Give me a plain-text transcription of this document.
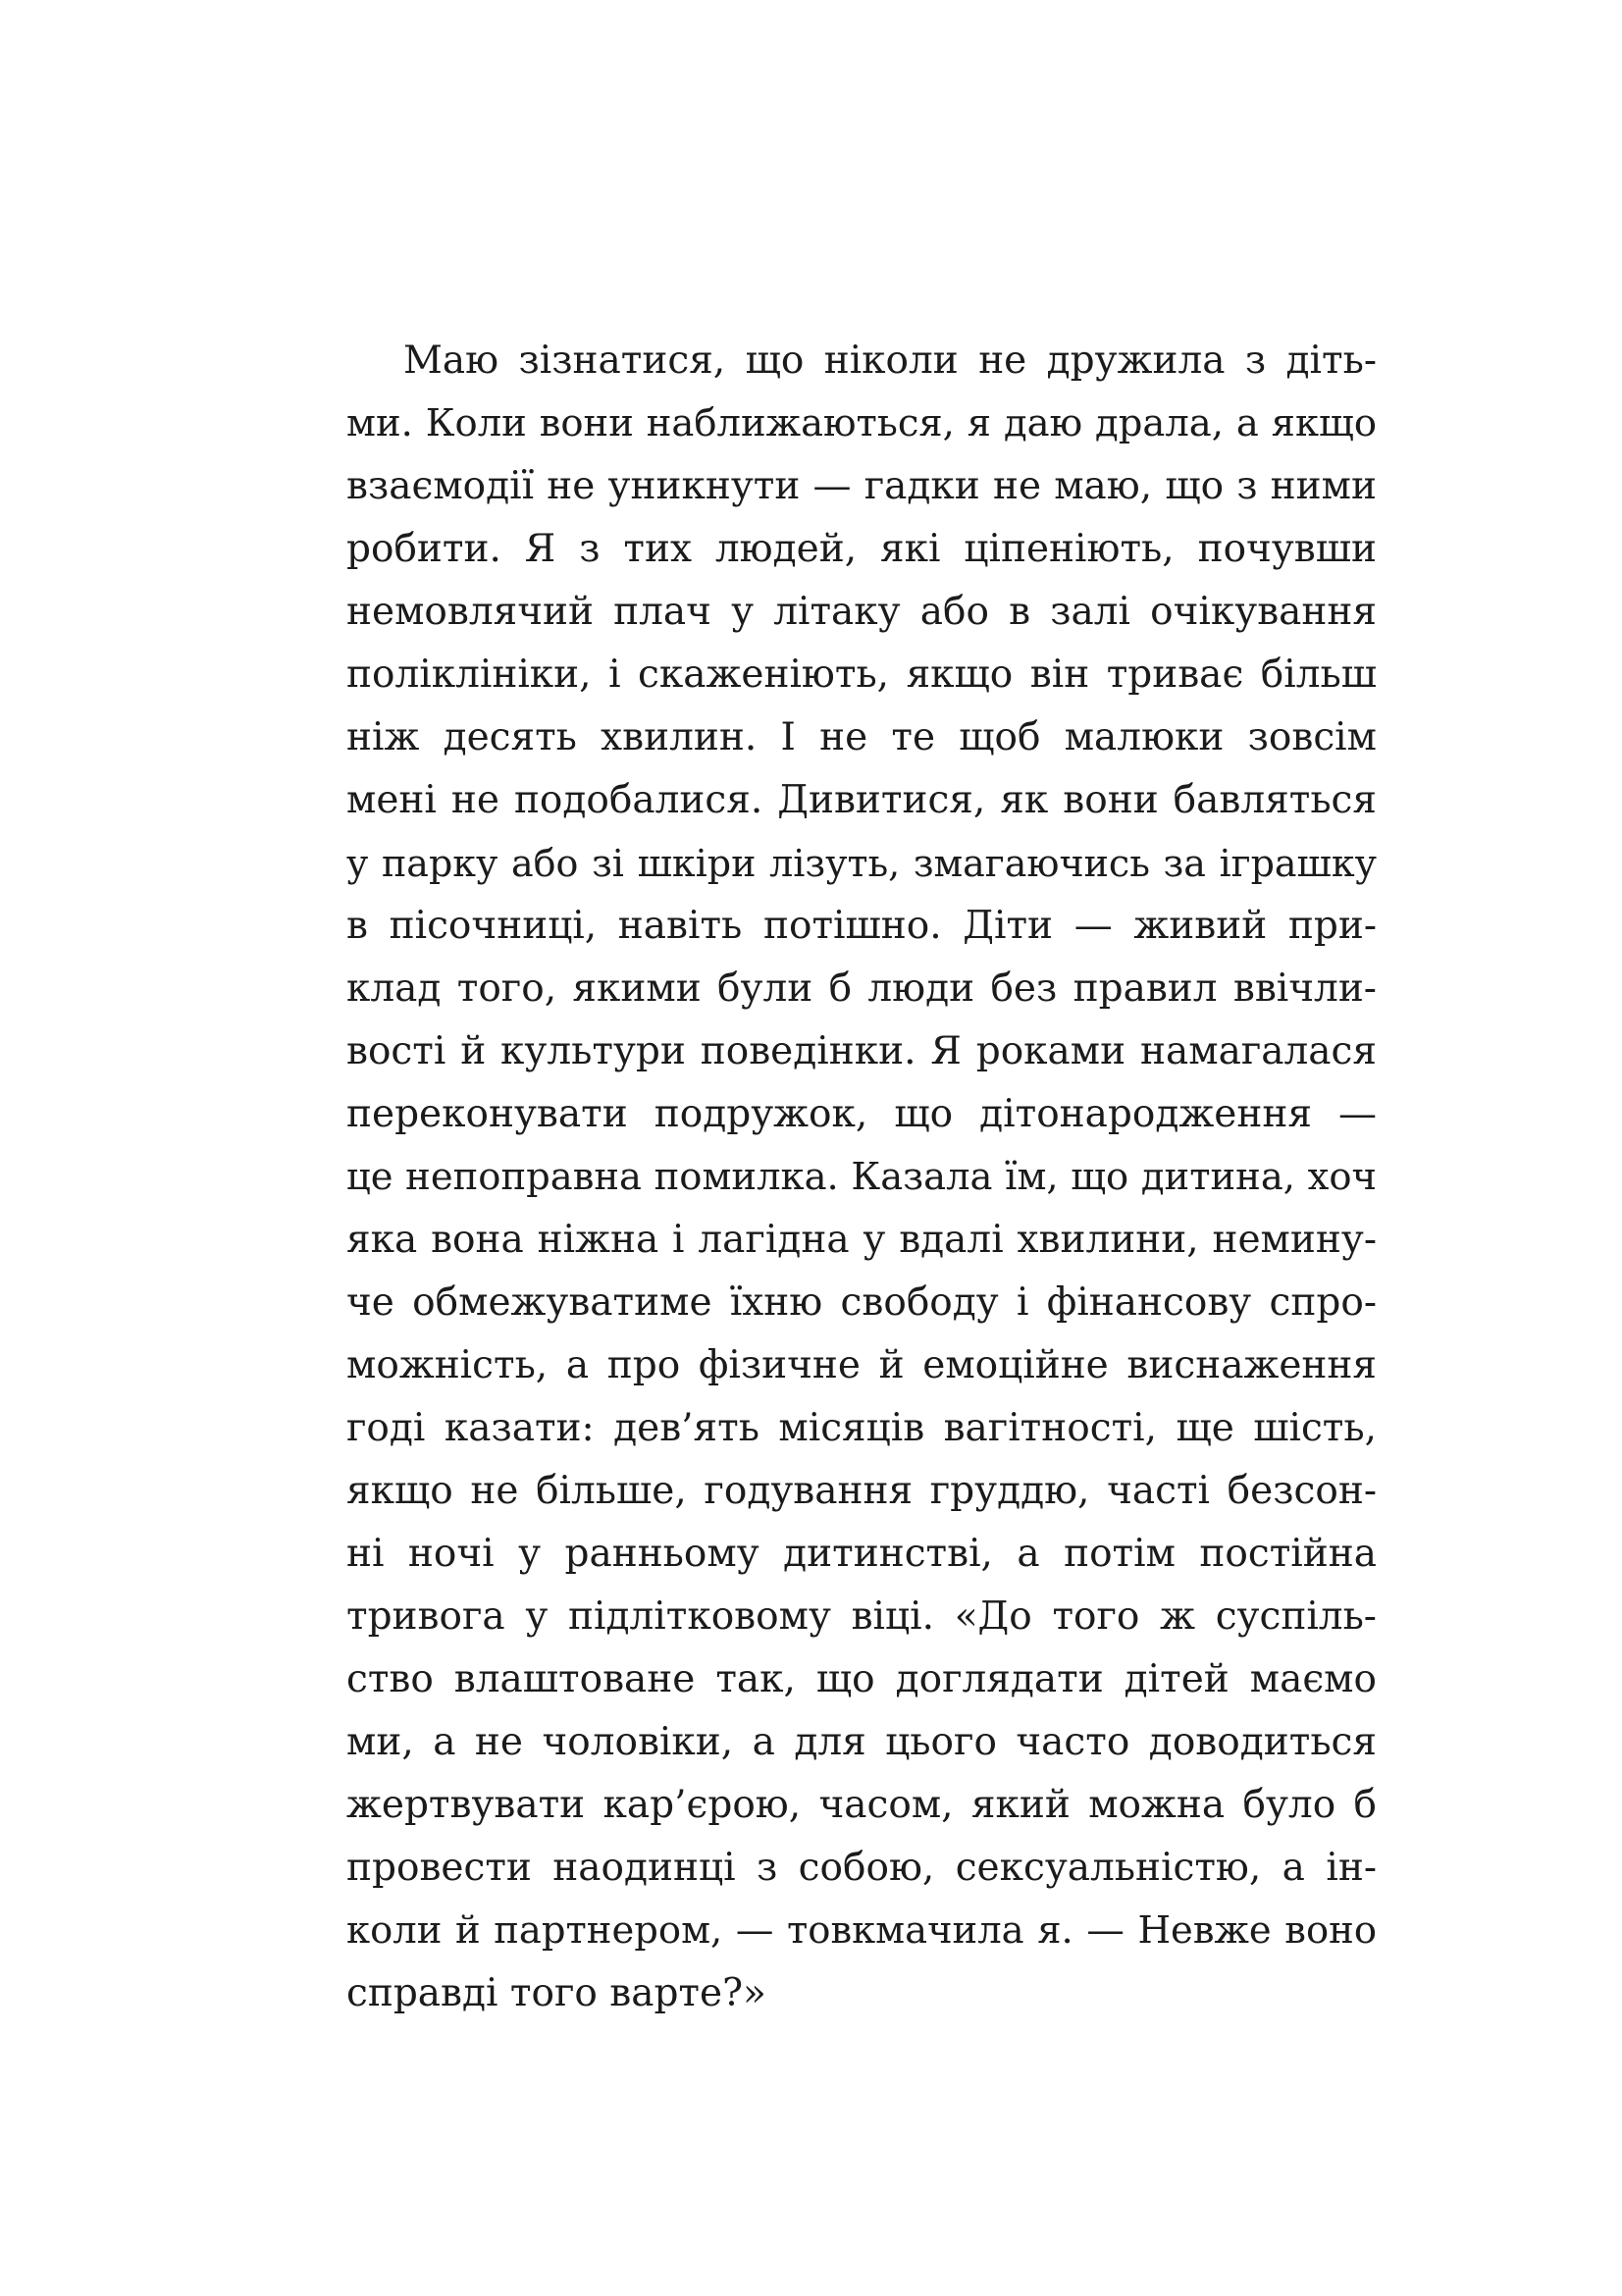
Маю зізнатися, що ніколи не дружила з діть-
ми. Коли вони наближаються, я даю драла, а якщо
взаємодії не уникнути — гадки не маю, що з ними
робити. Я з тих людей, які ціпеніють, почувши
немовлячий плач у літаку або в залі очікування
поліклініки, і скаженіють, якщо він триває більш
ніж десять хвилин. І не те щоб малюки зовсім
мені не подобалися. Дивитися, як вони бавляться
у парку або зі шкіри лізуть, змагаючись за іграшку
в пісочниці, навіть потішно. Діти — живий при-
клад того, якими були б люди без правил ввічли-
вості й культури поведінки. Я роками намагалася
переконувати подружок, що дітонародження —
це непоправна помилка. Казала їм, що дитина, хоч
яка вона ніжна і лагідна у вдалі хвилини, немину-
че обмежуватиме їхню свободу і фінансову спро-
можність, а про фізичне й емоційне виснаження
годі казати: дев’ять місяців вагітності, ще шість,
якщо не більше, годування груддю, часті безсон-
ні ночі у ранньому дитинстві, а потім постійна
тривога у підлітковому віці. «До того ж суспіль-
ство влаштоване так, що доглядати дітей маємо
ми, а не чоловіки, а для цього часто доводиться
жертвувати кар’єрою, часом, який можна було б
провести наодинці з собою, сексуальністю, а ін-
коли й партнером, — товкмачила я. — Невже воно
справді того варте?»
